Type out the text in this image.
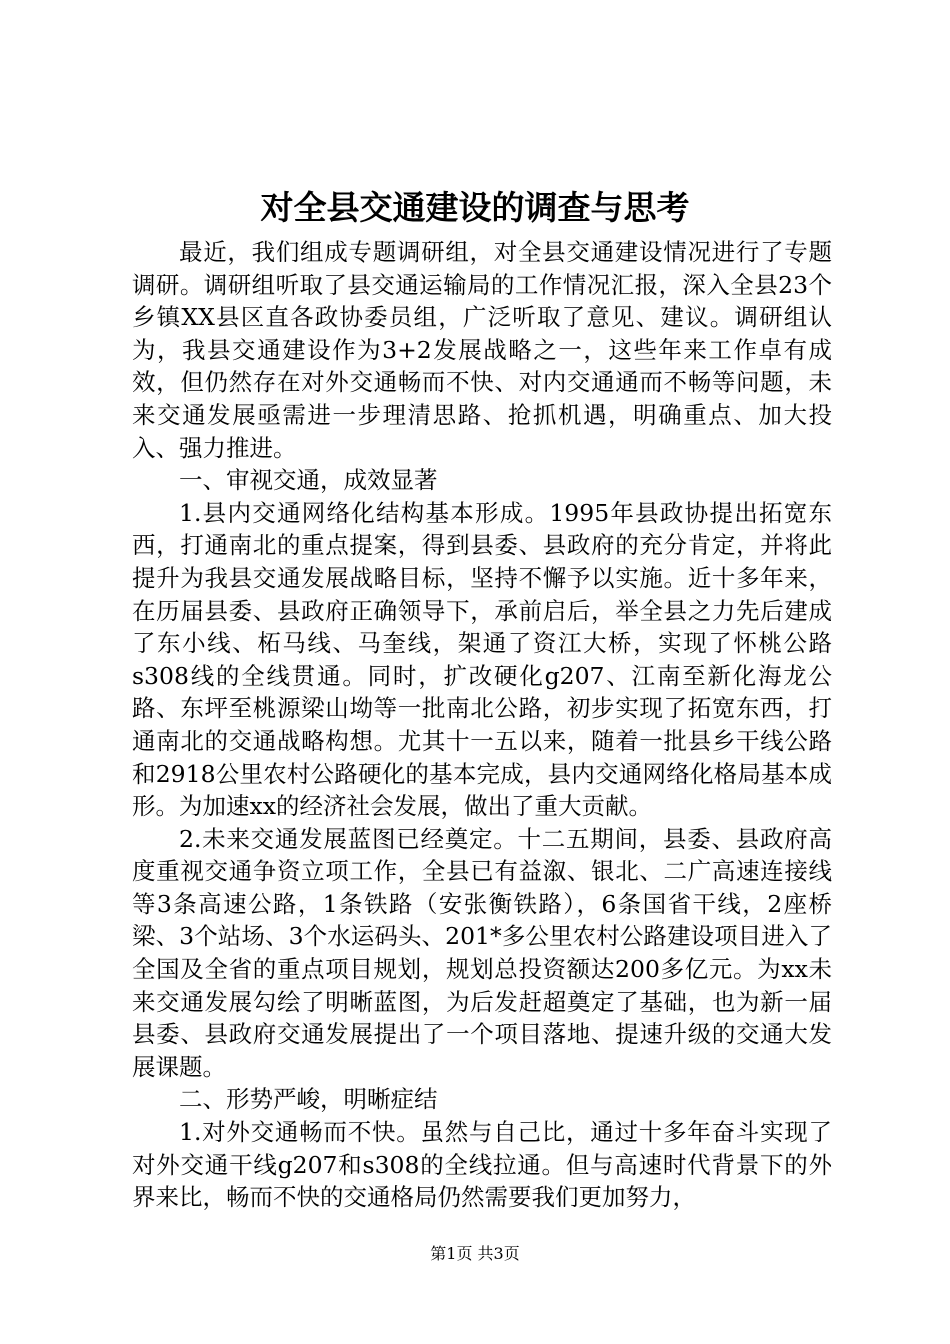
对全县交通建设的调查与思考

最近，我们组成专题调研组，对全县交通建设情况进行了专题调研。调研组听取了县交通运输局的工作情况汇报，深入全县23个乡镇XX县区直各政协委员组，广泛听取了意见、建议。调研组认为，我县交通建设作为3+2发展战略之一，这些年来工作卓有成效，但仍然存在对外交通畅而不快、对内交通通而不畅等问题，未来交通发展亟需进一步理清思路、抢抓机遇，明确重点、加大投入、强力推进。

一、审视交通，成效显著

1.县内交通网络化结构基本形成。1995年县政协提出拓宽东西，打通南北的重点提案，得到县委、县政府的充分肯定，并将此提升为我县交通发展战略目标，坚持不懈予以实施。近十多年来，在历届县委、县政府正确领导下，承前启后，举全县之力先后建成了东小线、柘马线、马奎线，架通了资江大桥，实现了怀桃公路s308线的全线贯通。同时，扩改硬化g207、江南至新化海龙公路、东坪至桃源梁山坳等一批南北公路，初步实现了拓宽东西，打通南北的交通战略构想。尤其十一五以来，随着一批县乡干线公路和2918公里农村公路硬化的基本完成，县内交通网络化格局基本成形。为加速xx的经济社会发展，做出了重大贡献。

2.未来交通发展蓝图已经奠定。十二五期间，县委、县政府高度重视交通争资立项工作，全县已有益溆、银北、二广高速连接线等3条高速公路，1条铁路（安张衡铁路），6条国省干线，2座桥梁、3个站场、3个水运码头、201*多公里农村公路建设项目进入了全国及全省的重点项目规划，规划总投资额达200多亿元。为xx未来交通发展勾绘了明晰蓝图，为后发赶超奠定了基础，也为新一届县委、县政府交通发展提出了一个项目落地、提速升级的交通大发展课题。

二、形势严峻，明晰症结

1.对外交通畅而不快。虽然与自己比，通过十多年奋斗实现了对外交通干线g207和s308的全线拉通。但与高速时代背景下的外界来比，畅而不快的交通格局仍然需要我们更加努力，

第1页 共3页
